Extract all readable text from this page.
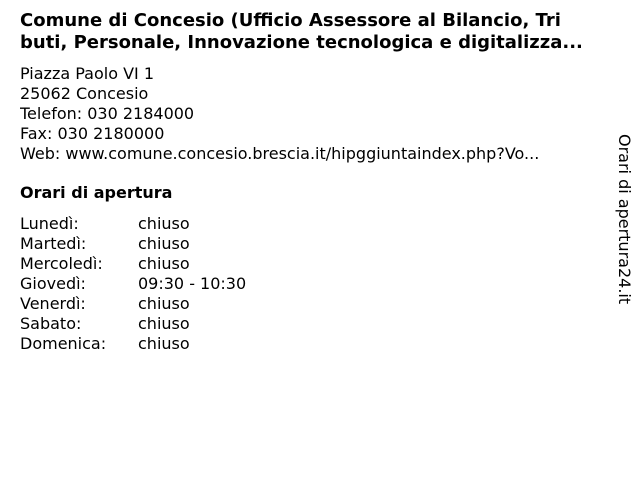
Comune di Concesio (Ufficio Assessore al Bilancio, Tri
buti, Personale, Innovazione tecnologica e digitalizza...
Piazza Paolo VI 1
25062 Concesio
Telefon: 030 2184000
Fax: 030 2180000
Web: www.comune.concesio.brescia.it/hipggiuntaindex.php?Vo...
Orari di apertura
Lunedì:	chiuso
Martedì:	chiuso
Mercoledì:	chiuso
Giovedì:	09:30 - 10:30
Venerdì:	chiuso
Sabato:	chiuso
Domenica:	chiuso
Orari di apertura24.it
